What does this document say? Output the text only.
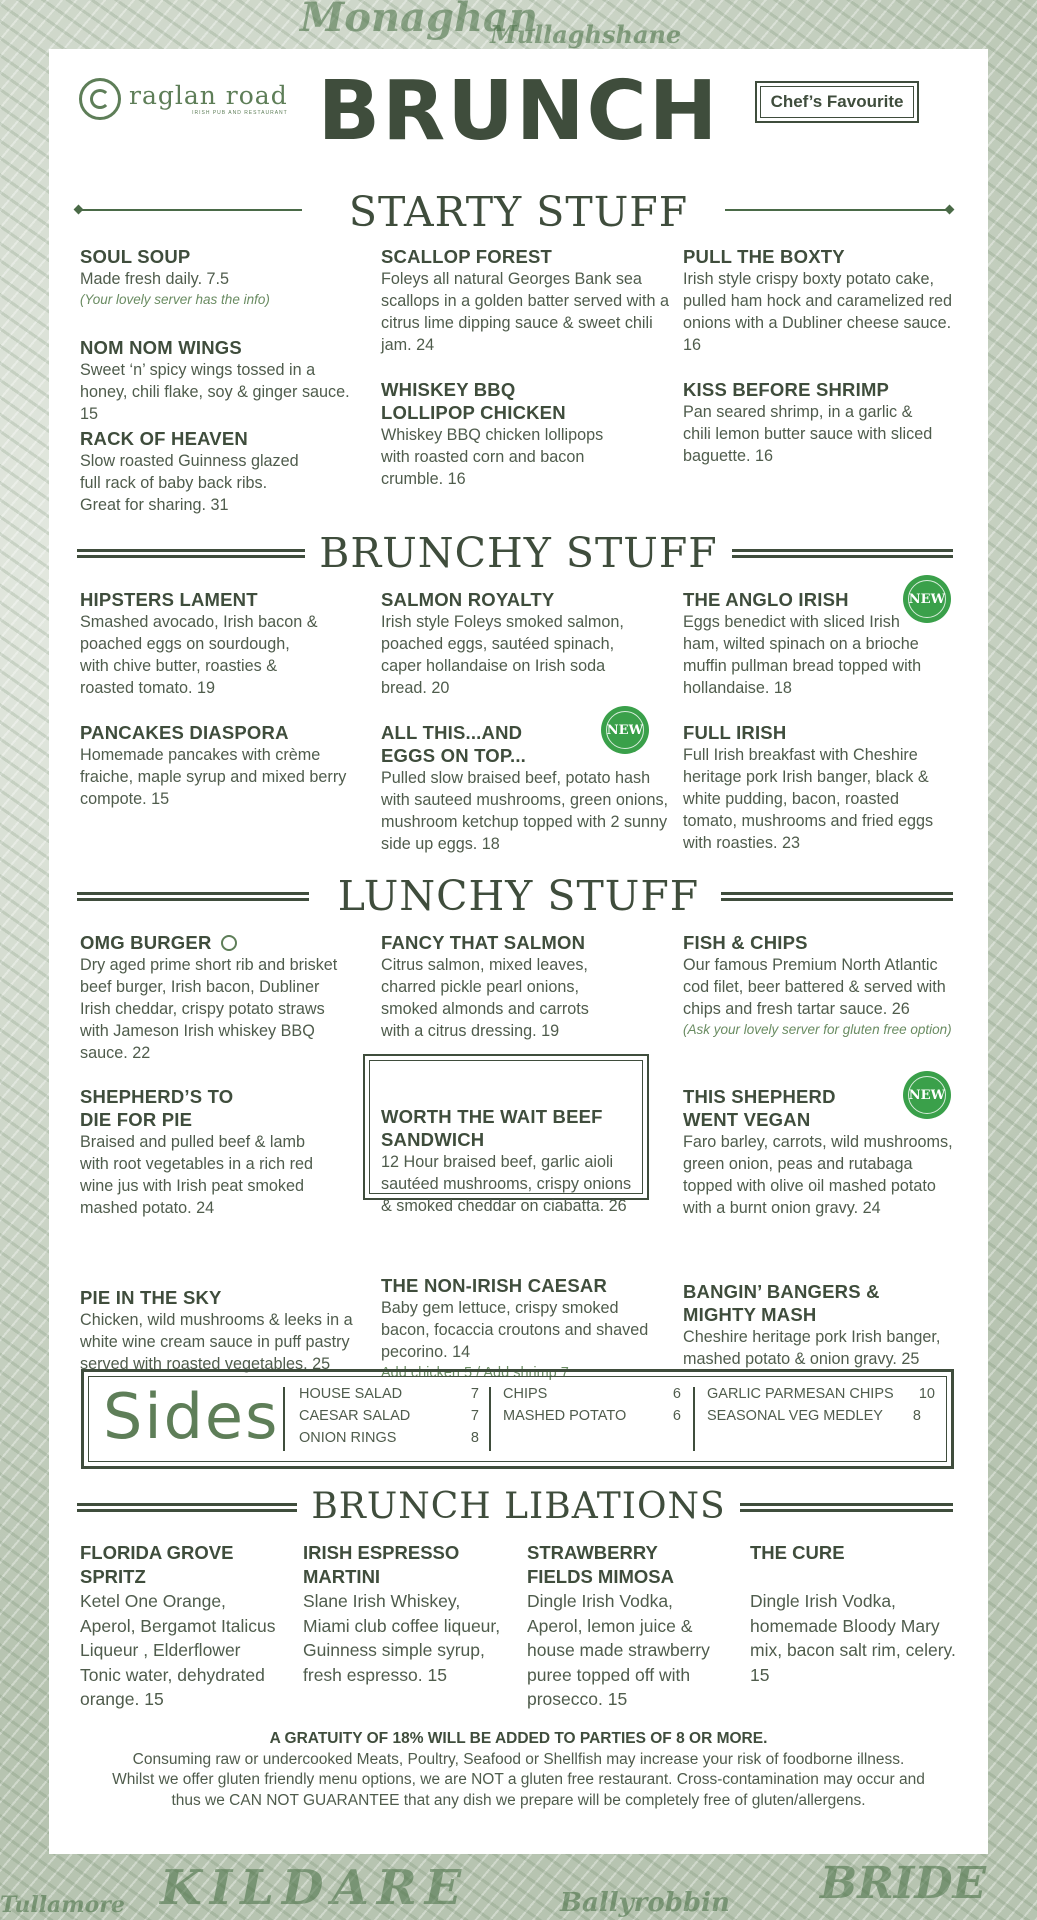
Monaghan
Mullaghshane
KILDARE	Ballyrobbin BRIDE
Tullamore
raglan road
IRISH PUB AND RESTAURANT BRUNCH	Chef’s Favourite
STARTY STUFF
SOUL SOUP
Made fresh daily. 7.5
(Your lovely server has the info)
NOM NOM WINGS
Sweet ‘n’ spicy wings tossed in a honey, chili flake, soy & ginger sauce. 15
RACK OF HEAVEN
Slow roasted Guinness glazed full rack of baby back ribs. Great for sharing. 31
SCALLOP FOREST
Foleys all natural Georges Bank sea scallops in a golden batter served with a citrus lime dipping sauce & sweet chili jam. 24
WHISKEY BBQ LOLLIPOP CHICKEN
Whiskey BBQ chicken lollipops with roasted corn and bacon crumble. 16
PULL THE BOXTY
Irish style crispy boxty potato cake, pulled ham hock and caramelized red onions with a Dubliner cheese sauce. 16
KISS BEFORE SHRIMP
Pan seared shrimp, in a garlic & chili lemon butter sauce with sliced baguette. 16
BRUNCHY STUFF
HIPSTERS LAMENT
Smashed avocado, Irish bacon & poached eggs on sourdough, with chive butter, roasties & roasted tomato. 19
PANCAKES DIASPORA
Homemade pancakes with crème fraiche, maple syrup and mixed berry compote. 15
SALMON ROYALTY
Irish style Foleys smoked salmon, poached eggs, sautéed spinach, caper hollandaise on Irish soda bread. 20
ALL THIS...AND EGGS ON TOP...
Pulled slow braised beef, potato hash with sauteed mushrooms, green onions, mushroom ketchup topped with 2 sunny side up eggs. 18
NEW
THE ANGLO IRISH
Eggs benedict with sliced Irish ham, wilted spinach on a brioche muffin pullman bread topped with hollandaise. 18
NEW
FULL IRISH
Full Irish breakfast with Cheshire heritage pork Irish banger, black & white pudding, bacon, roasted tomato, mushrooms and fried eggs with roasties. 23
LUNCHY STUFF
OMG BURGER
Dry aged prime short rib and brisket beef burger, Irish bacon, Dubliner Irish cheddar, crispy potato straws with Jameson Irish whiskey BBQ sauce. 22
SHEPHERD’S TO DIE FOR PIE
Braised and pulled beef & lamb with root vegetables in a rich red wine jus with Irish peat smoked mashed potato. 24
PIE IN THE SKY
Chicken, wild mushrooms & leeks in a white wine cream sauce in puff pastry served with roasted vegetables. 25
FANCY THAT SALMON
Citrus salmon, mixed leaves, charred pickle pearl onions, smoked almonds and carrots with a citrus dressing. 19
WORTH THE WAIT BEEF SANDWICH
12 Hour braised beef, garlic aioli sautéed mushrooms, crispy onions & smoked cheddar on ciabatta. 26
THE NON-IRISH CAESAR
Baby gem lettuce, crispy smoked bacon, focaccia croutons and shaved pecorino. 14
Add chicken 5 / Add shrimp 7
FISH & CHIPS
Our famous Premium North Atlantic cod filet, beer battered & served with chips and fresh tartar sauce. 26
(Ask your lovely server for gluten free option)
THIS SHEPHERD WENT VEGAN
Faro barley, carrots, wild mushrooms, green onion, peas and rutabaga topped with olive oil mashed potato with a burnt onion gravy. 24
NEW
BANGIN’ BANGERS & MIGHTY MASH
Cheshire heritage pork Irish banger, mashed potato & onion gravy. 25
Sides HOUSE SALAD	7
CAESAR SALAD	7
ONION RINGS	8
CHIPS	6
MASHED POTATO	6
GARLIC PARMESAN CHIPS 10
SEASONAL VEG MEDLEY 8
BRUNCH LIBATIONS
FLORIDA GROVE SPRITZ
Ketel One Orange, Aperol, Bergamot Italicus Liqueur , Elderflower Tonic water, dehydrated orange. 15
IRISH ESPRESSO MARTINI
Slane Irish Whiskey, Miami club coffee liqueur, Guinness simple syrup, fresh espresso. 15
STRAWBERRY FIELDS MIMOSA
Dingle Irish Vodka, Aperol, lemon juice & house made strawberry puree topped off with prosecco. 15
THE CURE
Dingle Irish Vodka, homemade Bloody Mary mix, bacon salt rim, celery. 15
A GRATUITY OF 18% WILL BE ADDED TO PARTIES OF 8 OR MORE.
Consuming raw or undercooked Meats, Poultry, Seafood or Shellfish may increase your risk of foodborne illness.
Whilst we offer gluten friendly menu options, we are NOT a gluten free restaurant. Cross-contamination may occur and thus we CAN NOT GUARANTEE that any dish we prepare will be completely free of gluten/allergens.
